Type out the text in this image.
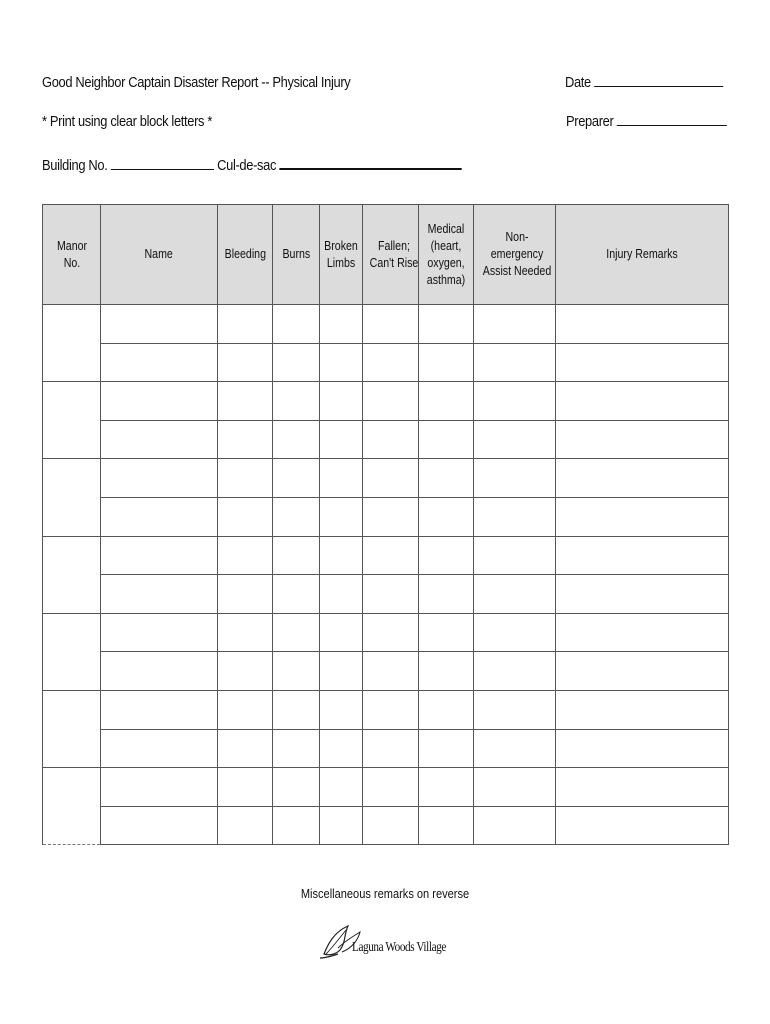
Good Neighbor Captain Disaster Report -- Physical Injury	Date
* Print using clear block letters *	Preparer
Building No.	Cul-de-sac
Manor No.	Name	Bleeding	Burns	Broken Limbs	Fallen; Can't Rise	Medical (heart, oxygen, asthma)	Non-emergency Assist Needed	Injury Remarks

Miscellaneous remarks on reverse
Laguna Woods Village
